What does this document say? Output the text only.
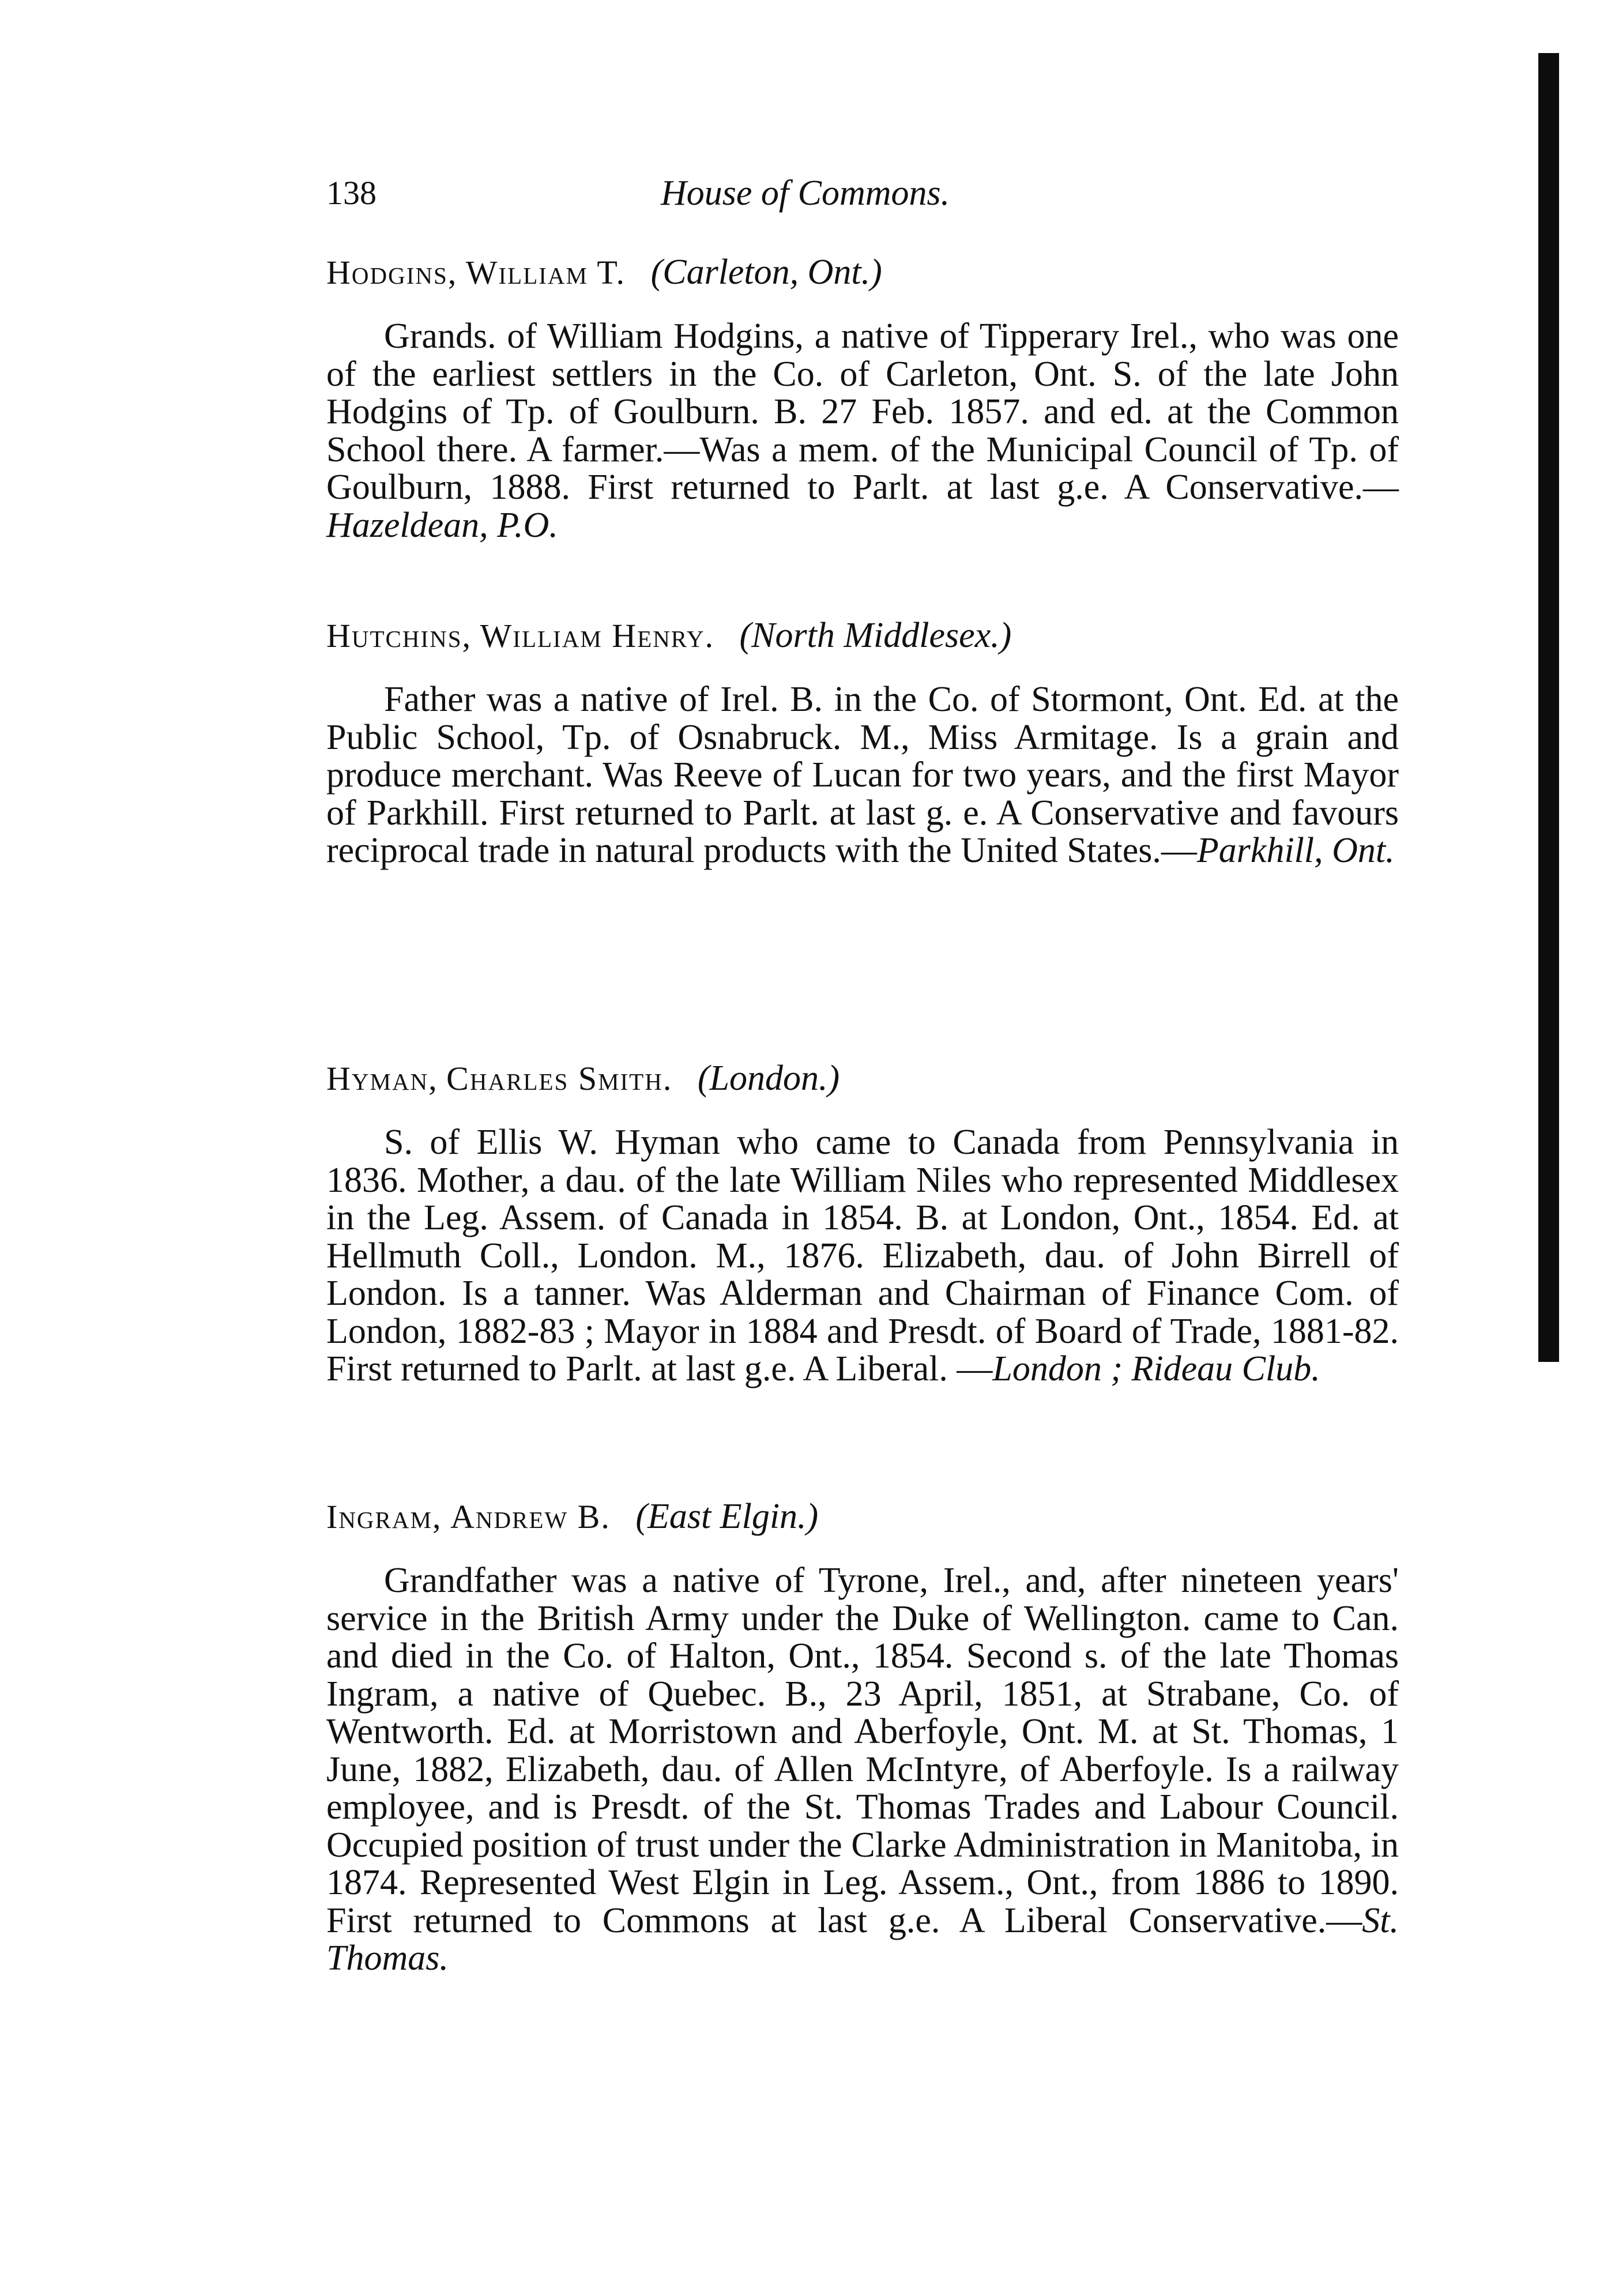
138	House of Commons.

Hodgins, William T. (Carleton, Ont.)

Grands. of William Hodgins, a native of Tipperary Irel., who was one of the earliest settlers in the Co. of Carleton, Ont. S. of the late John Hodgins of Tp. of Goulburn. B. 27 Feb. 1857. and ed. at the Common School there. A farmer.—Was a mem. of the Municipal Council of Tp. of Goulburn, 1888. First returned to Parlt. at last g.e. A Conservative.—Hazeldean, P.O.

Hutchins, William Henry. (North Middlesex.)

Father was a native of Irel. B. in the Co. of Stormont, Ont. Ed. at the Public School, Tp. of Osnabruck. M., Miss Armitage. Is a grain and produce merchant. Was Reeve of Lucan for two years, and the first Mayor of Parkhill. First returned to Parlt. at last g. e. A Conservative and favours reciprocal trade in natural products with the United States.—Parkhill, Ont.

Hyman, Charles Smith. (London.)

S. of Ellis W. Hyman who came to Canada from Pennsylvania in 1836. Mother, a dau. of the late William Niles who represented Middlesex in the Leg. Assem. of Canada in 1854. B. at London, Ont., 1854. Ed. at Hellmuth Coll., London. M., 1876. Elizabeth, dau. of John Birrell of London. Is a tanner. Was Alderman and Chairman of Finance Com. of London, 1882-83 ; Mayor in 1884 and Presdt. of Board of Trade, 1881-82. First returned to Parlt. at last g.e. A Liberal. —London ; Rideau Club.

Ingram, Andrew B. (East Elgin.)

Grandfather was a native of Tyrone, Irel., and, after nineteen years' service in the British Army under the Duke of Wellington. came to Can. and died in the Co. of Halton, Ont., 1854. Second s. of the late Thomas Ingram, a native of Quebec. B., 23 April, 1851, at Strabane, Co. of Wentworth. Ed. at Morristown and Aberfoyle, Ont. M. at St. Thomas, 1 June, 1882, Elizabeth, dau. of Allen McIntyre, of Aberfoyle. Is a railway employee, and is Presdt. of the St. Thomas Trades and Labour Council. Occupied position of trust under the Clarke Administration in Manitoba, in 1874. Represented West Elgin in Leg. Assem., Ont., from 1886 to 1890. First returned to Commons at last g.e. A Liberal Conservative.—St. Thomas.
